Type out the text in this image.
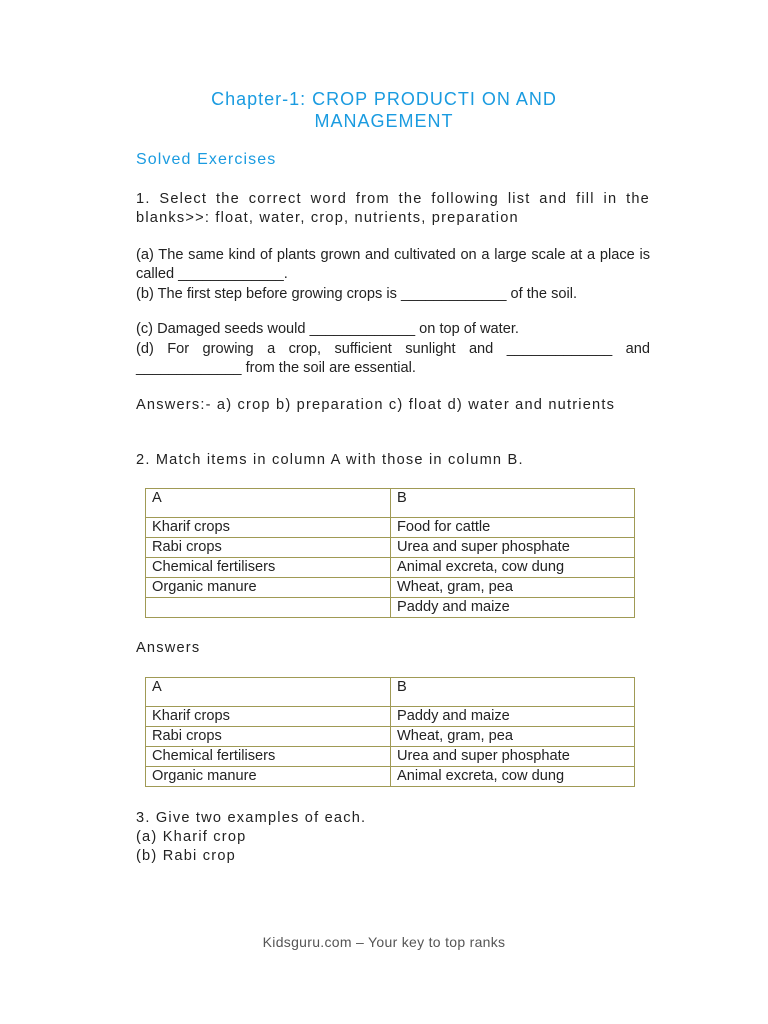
Chapter-1: CROP PRODUCTI ON AND
MANAGEMENT
Solved Exercises
1. Select the correct word from the following list and fill in the blanks>>: float, water, crop, nutrients, preparation
(a) The same kind of plants grown and cultivated on a large scale at a place is called _____________.
(b) The first step before growing crops is _____________ of the soil.
(c) Damaged seeds would _____________ on top of water.
(d) For growing a crop, sufficient sunlight and _____________ and _____________ from the soil are essential.
Answers:- a) crop b) preparation c) float d) water and nutrients
2. Match items in column A with those in column B.
A	B
Kharif crops	Food for cattle
Rabi crops	Urea and super phosphate
Chemical fertilisers	Animal excreta, cow dung
Organic manure	Wheat, gram, pea
	Paddy and maize
Answers
A	B
Kharif crops	Paddy and maize
Rabi crops	Wheat, gram, pea
Chemical fertilisers	Urea and super phosphate
Organic manure	Animal excreta, cow dung
3. Give two examples of each.
(a) Kharif crop
(b) Rabi crop
Kidsguru.com – Your key to top ranks
